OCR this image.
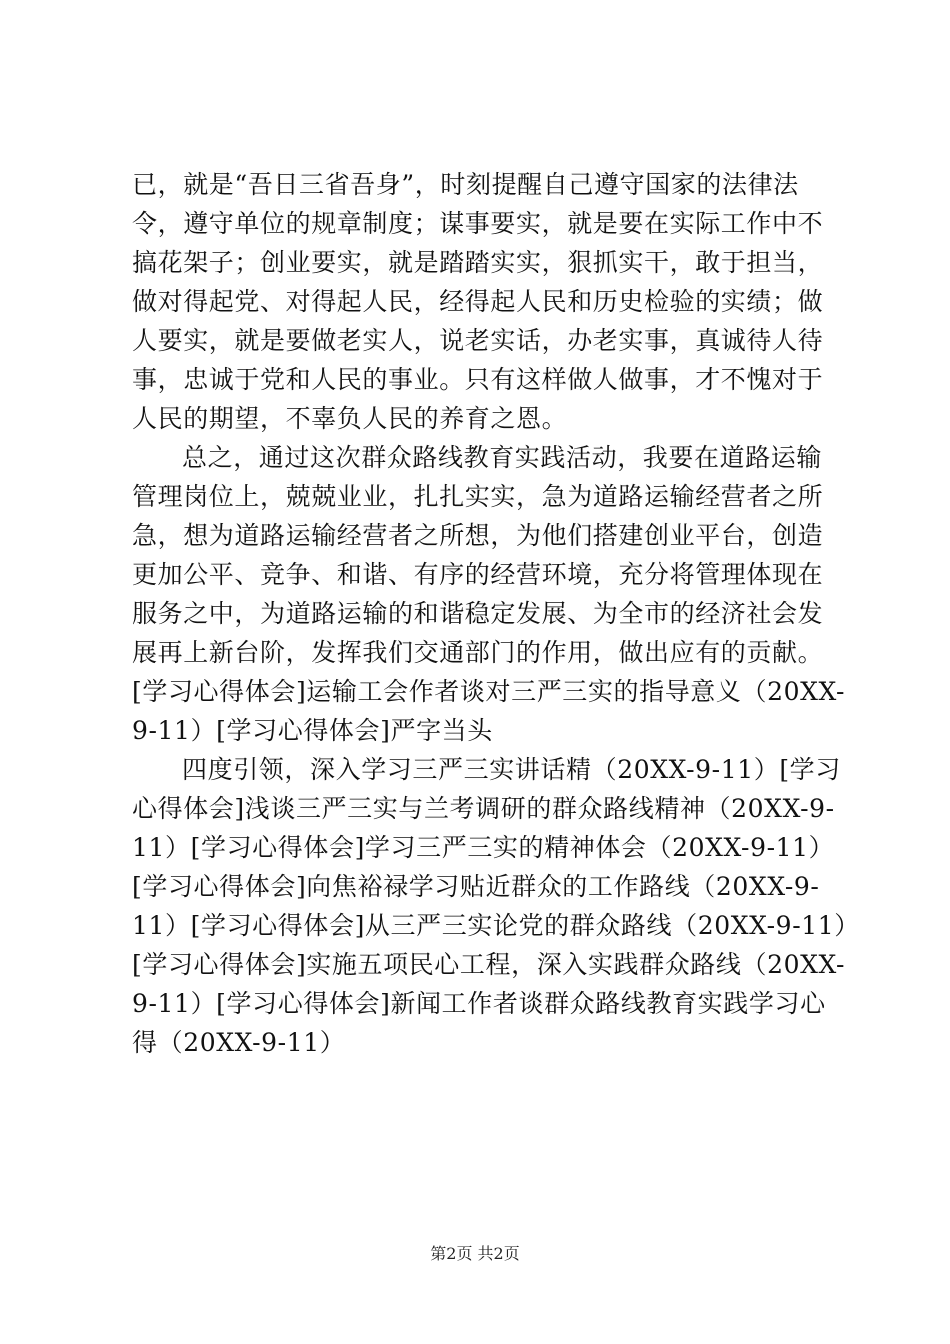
已，就是“吾日三省吾身”，时刻提醒自己遵守国家的法律法
令，遵守单位的规章制度；谋事要实，就是要在实际工作中不
搞花架子；创业要实，就是踏踏实实，狠抓实干，敢于担当，
做对得起党、对得起人民，经得起人民和历史检验的实绩；做
人要实，就是要做老实人，说老实话，办老实事，真诚待人待
事，忠诚于党和人民的事业。只有这样做人做事，才不愧对于
人民的期望，不辜负人民的养育之恩。
总之，通过这次群众路线教育实践活动，我要在道路运输
管理岗位上，兢兢业业，扎扎实实，急为道路运输经营者之所
急，想为道路运输经营者之所想，为他们搭建创业平台，创造
更加公平、竞争、和谐、有序的经营环境，充分将管理体现在
服务之中，为道路运输的和谐稳定发展、为全市的经济社会发
展再上新台阶，发挥我们交通部门的作用，做出应有的贡献。
[学习心得体会]运输工会作者谈对三严三实的指导意义（20XX-
9-11）[学习心得体会]严字当头
四度引领，深入学习三严三实讲话精（20XX-9-11）[学习
心得体会]浅谈三严三实与兰考调研的群众路线精神（20XX-9-
11）[学习心得体会]学习三严三实的精神体会（20XX-9-11）
[学习心得体会]向焦裕禄学习贴近群众的工作路线（20XX-9-
11）[学习心得体会]从三严三实论党的群众路线（20XX-9-11）
[学习心得体会]实施五项民心工程，深入实践群众路线（20XX-
9-11）[学习心得体会]新闻工作者谈群众路线教育实践学习心
得（20XX-9-11）
第2页 共2页
